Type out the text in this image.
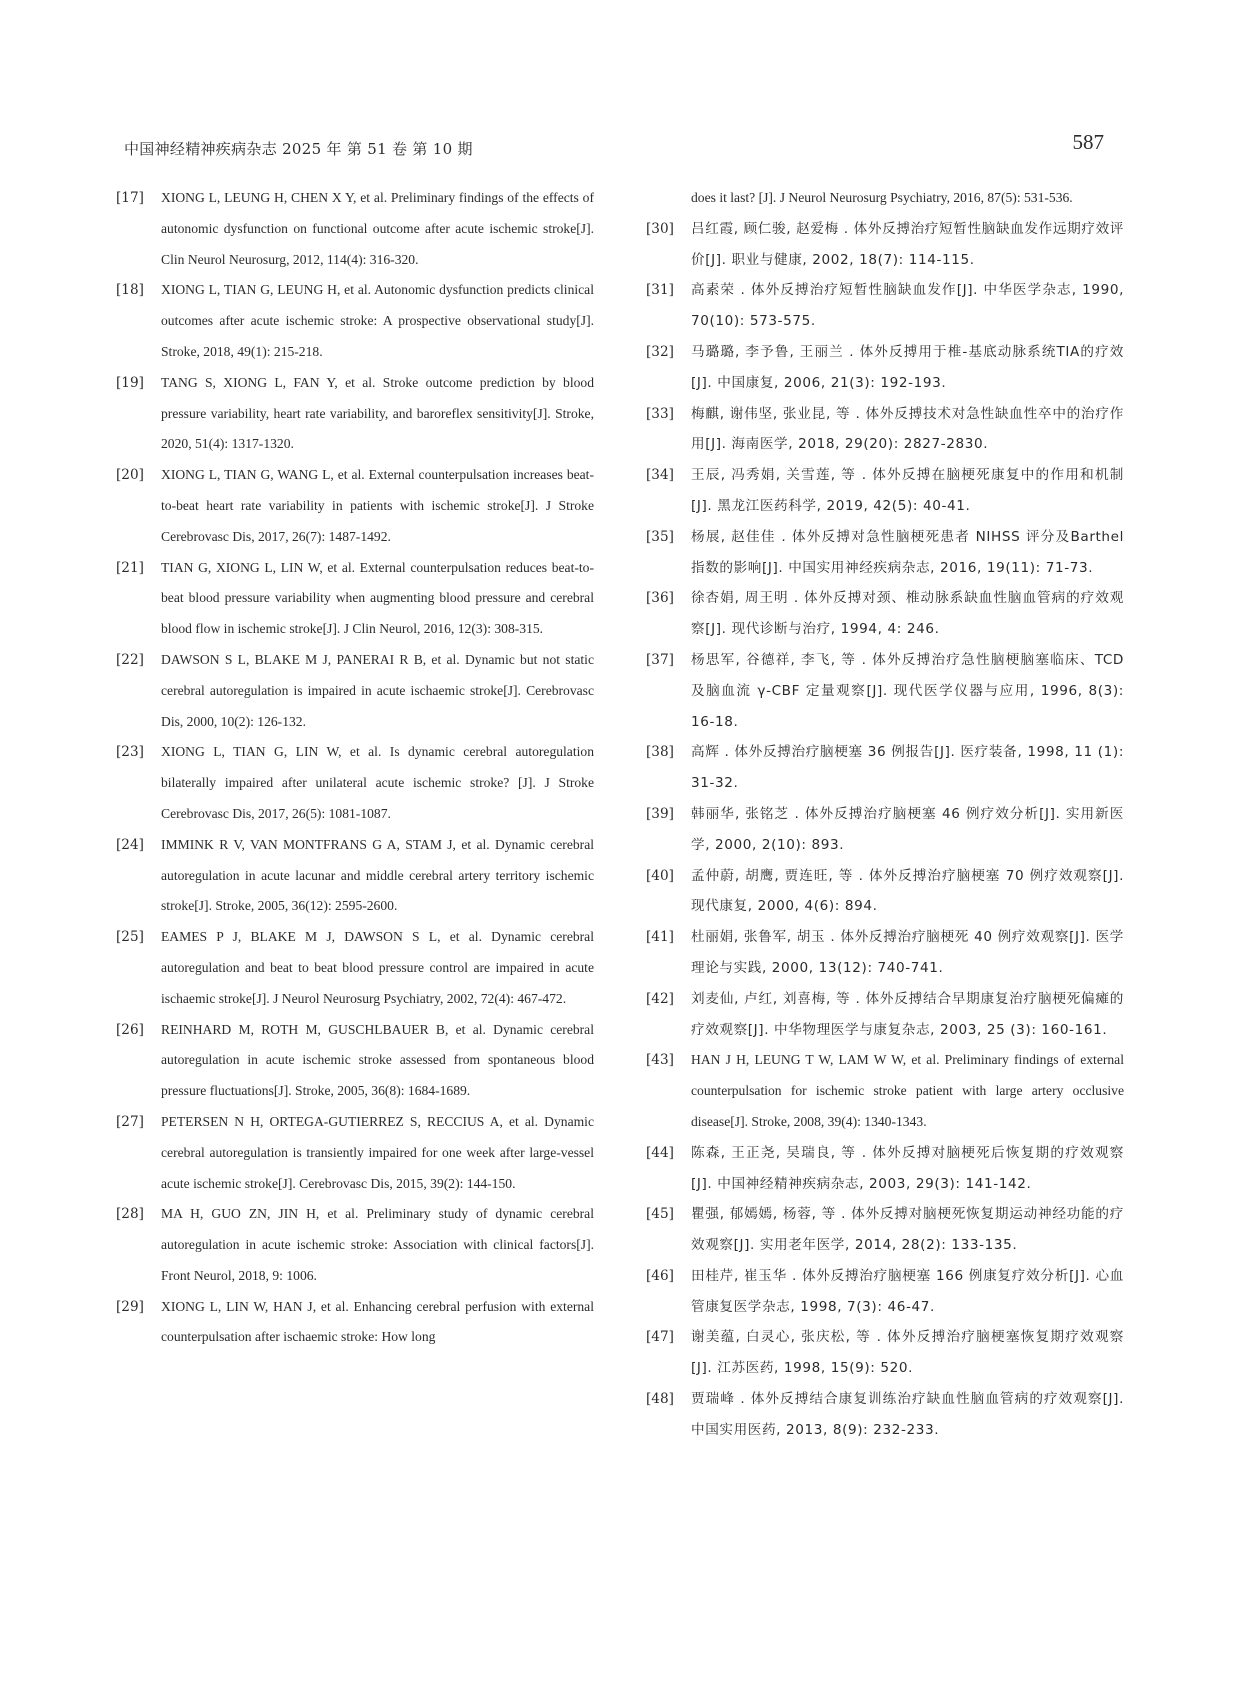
中国神经精神疾病杂志 2025 年 第 51 卷 第 10 期	587
[17]	XIONG L, LEUNG H, CHEN X Y, et al. Preliminary findings of the effects of autonomic dysfunction on functional outcome after acute ischemic stroke[J]. Clin Neurol Neurosurg, 2012, 114(4): 316-320.
[18]	XIONG L, TIAN G, LEUNG H, et al. Autonomic dysfunction predicts clinical outcomes after acute ischemic stroke: A prospective observational study[J]. Stroke, 2018, 49(1): 215-218.
[19]	TANG S, XIONG L, FAN Y, et al. Stroke outcome prediction by blood pressure variability, heart rate variability, and baroreflex sensitivity[J]. Stroke, 2020, 51(4): 1317-1320.
[20]	XIONG L, TIAN G, WANG L, et al. External counterpulsation increases beat-to-beat heart rate variability in patients with ischemic stroke[J]. J Stroke Cerebrovasc Dis, 2017, 26(7): 1487-1492.
[21]	TIAN G, XIONG L, LIN W, et al. External counterpulsation reduces beat-to-beat blood pressure variability when augmenting blood pressure and cerebral blood flow in ischemic stroke[J]. J Clin Neurol, 2016, 12(3): 308-315.
[22]	DAWSON S L, BLAKE M J, PANERAI R B, et al. Dynamic but not static cerebral autoregulation is impaired in acute ischaemic stroke[J]. Cerebrovasc Dis, 2000, 10(2): 126-132.
[23]	XIONG L, TIAN G, LIN W, et al. Is dynamic cerebral autoregulation bilaterally impaired after unilateral acute ischemic stroke? [J]. J Stroke Cerebrovasc Dis, 2017, 26(5): 1081-1087.
[24]	IMMINK R V, VAN MONTFRANS G A, STAM J, et al. Dynamic cerebral autoregulation in acute lacunar and middle cerebral artery territory ischemic stroke[J]. Stroke, 2005, 36(12): 2595-2600.
[25]	EAMES P J, BLAKE M J, DAWSON S L, et al. Dynamic cerebral autoregulation and beat to beat blood pressure control are impaired in acute ischaemic stroke[J]. J Neurol Neurosurg Psychiatry, 2002, 72(4): 467-472.
[26]	REINHARD M, ROTH M, GUSCHLBAUER B, et al. Dynamic cerebral autoregulation in acute ischemic stroke assessed from spontaneous blood pressure fluctuations[J]. Stroke, 2005, 36(8): 1684-1689.
[27]	PETERSEN N H, ORTEGA-GUTIERREZ S, RECCIUS A, et al. Dynamic cerebral autoregulation is transiently impaired for one week after large-vessel acute ischemic stroke[J]. Cerebrovasc Dis, 2015, 39(2): 144-150.
[28]	MA H, GUO ZN, JIN H, et al. Preliminary study of dynamic cerebral autoregulation in acute ischemic stroke: Association with clinical factors[J]. Front Neurol, 2018, 9: 1006.
[29]	XIONG L, LIN W, HAN J, et al. Enhancing cerebral perfusion with external counterpulsation after ischaemic stroke: How long
does it last? [J]. J Neurol Neurosurg Psychiatry, 2016, 87(5): 531-536.
[30]	吕红霞, 顾仁骏, 赵爱梅 . 体外反搏治疗短暂性脑缺血发作远期疗效评价[J]. 职业与健康, 2002, 18(7): 114-115.
[31]	高素荣 . 体外反搏治疗短暂性脑缺血发作[J]. 中华医学杂志, 1990, 70(10): 573-575.
[32]	马璐璐, 李予鲁, 王丽兰 . 体外反搏用于椎-基底动脉系统TIA的疗效[J]. 中国康复, 2006, 21(3): 192-193.
[33]	梅麒, 谢伟坚, 张业昆, 等 . 体外反搏技术对急性缺血性卒中的治疗作用[J]. 海南医学, 2018, 29(20): 2827-2830.
[34]	王辰, 冯秀娟, 关雪莲, 等 . 体外反搏在脑梗死康复中的作用和机制[J]. 黑龙江医药科学, 2019, 42(5): 40-41.
[35]	杨展, 赵佳佳 . 体外反搏对急性脑梗死患者 NIHSS 评分及Barthel 指数的影响[J]. 中国实用神经疾病杂志, 2016, 19(11): 71-73.
[36]	徐杏娟, 周王明 . 体外反搏对颈、椎动脉系缺血性脑血管病的疗效观察[J]. 现代诊断与治疗, 1994, 4: 246.
[37]	杨思军, 谷德祥, 李飞, 等 . 体外反搏治疗急性脑梗脑塞临床、TCD 及脑血流 γ-CBF 定量观察[J]. 现代医学仪器与应用, 1996, 8(3): 16-18.
[38]	高辉 . 体外反搏治疗脑梗塞 36 例报告[J]. 医疗装备, 1998, 11 (1): 31-32.
[39]	韩丽华, 张铭芝 . 体外反搏治疗脑梗塞 46 例疗效分析[J]. 实用新医学, 2000, 2(10): 893.
[40]	孟仲蔚, 胡鹰, 贾连旺, 等 . 体外反搏治疗脑梗塞 70 例疗效观察[J]. 现代康复, 2000, 4(6): 894.
[41]	杜丽娟, 张鲁军, 胡玉 . 体外反搏治疗脑梗死 40 例疗效观察[J]. 医学理论与实践, 2000, 13(12): 740-741.
[42]	刘麦仙, 卢红, 刘喜梅, 等 . 体外反搏结合早期康复治疗脑梗死偏瘫的疗效观察[J]. 中华物理医学与康复杂志, 2003, 25 (3): 160-161.
[43]	HAN J H, LEUNG T W, LAM W W, et al. Preliminary findings of external counterpulsation for ischemic stroke patient with large artery occlusive disease[J]. Stroke, 2008, 39(4): 1340-1343.
[44]	陈森, 王正尧, 吴瑞良, 等 . 体外反搏对脑梗死后恢复期的疗效观察[J]. 中国神经精神疾病杂志, 2003, 29(3): 141-142.
[45]	瞿强, 郁嫣嫣, 杨蓉, 等 . 体外反搏对脑梗死恢复期运动神经功能的疗效观察[J]. 实用老年医学, 2014, 28(2): 133-135.
[46]	田桂芹, 崔玉华 . 体外反搏治疗脑梗塞 166 例康复疗效分析[J]. 心血管康复医学杂志, 1998, 7(3): 46-47.
[47]	谢美蕴, 白灵心, 张庆松, 等 . 体外反搏治疗脑梗塞恢复期疗效观察[J]. 江苏医药, 1998, 15(9): 520.
[48]	贾瑞峰 . 体外反搏结合康复训练治疗缺血性脑血管病的疗效观察[J]. 中国实用医药, 2013, 8(9): 232-233.
